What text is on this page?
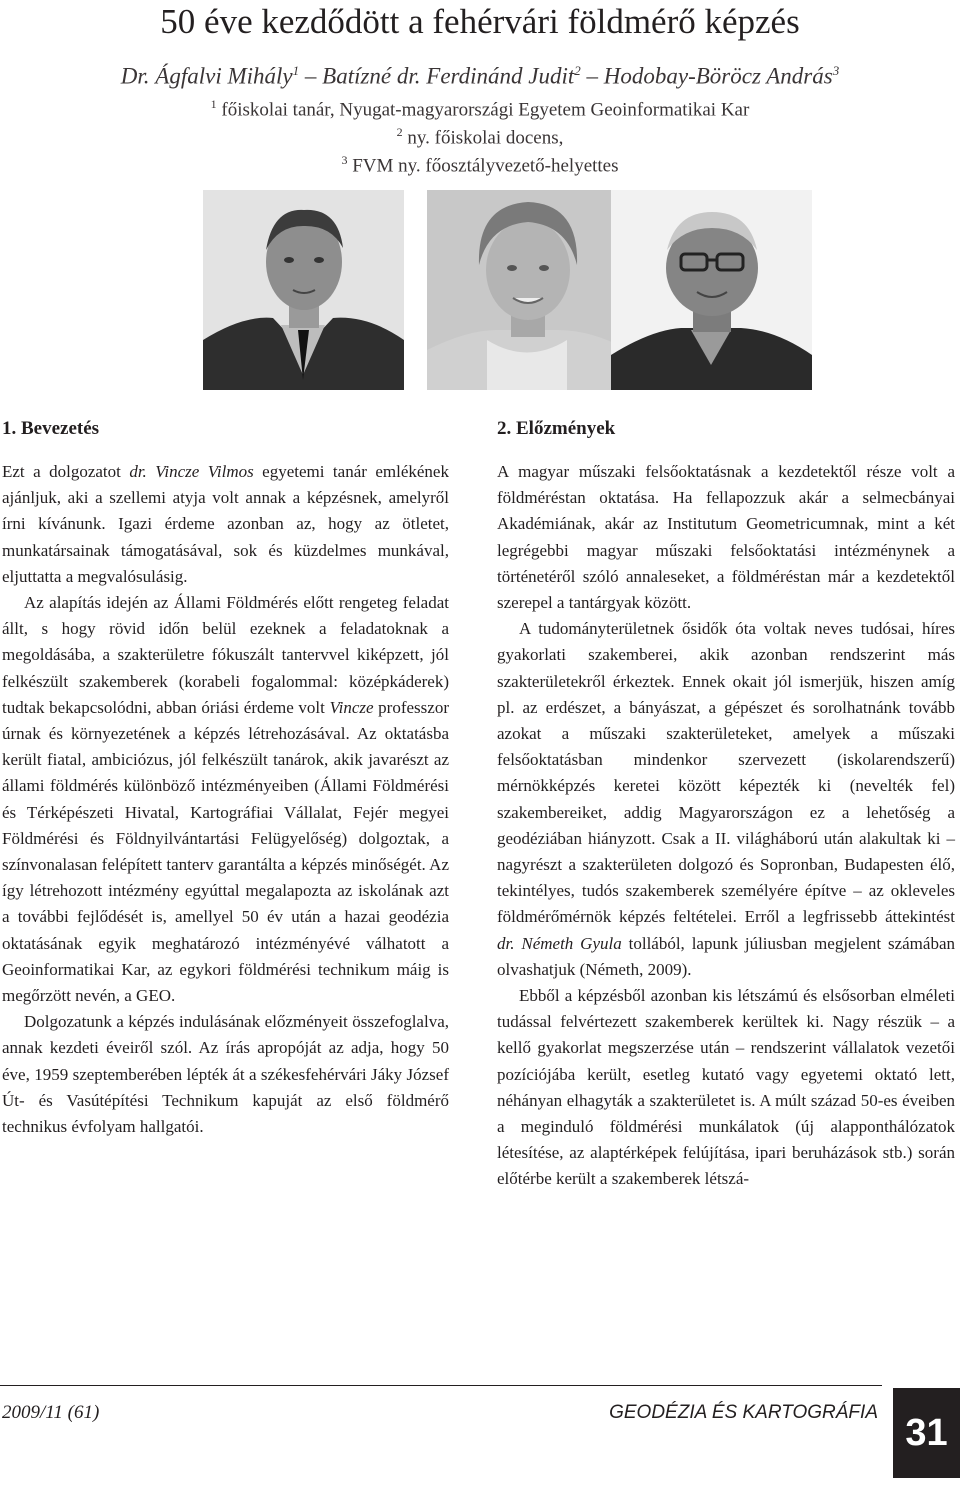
50 éve kezdődött a fehérvári földmérő képzés
Dr. Ágfalvi Mihály$^1$ – Batízné dr. Ferdinánd Judit$^2$ – Hodobay-Böröcz András$^3$
$^1$ főiskolai tanár, Nyugat-magyarországi Egyetem Geoinformatikai Kar
$^2$ ny. főiskolai docens,
$^3$ FVM ny. főosztályvezető-helyettes
1. Bevezetés	2. Előzmények

Ezt a dolgozatot dr. Vincze Vilmos egyetemi tanár emlékének ajánljuk, aki a szellemi atyja volt annak a képzésnek, amelyről írni kívánunk. Igazi érdeme azonban az, hogy az ötletet, munkatársainak támogatásával, sok és küzdelmes munkával, eljuttatta a megvalósulásig.

Az alapítás idején az Állami Földmérés előtt rengeteg feladat állt, s hogy rövid időn belül ezeknek a feladatoknak a megoldásába, a szakterületre fókuszált tantervvel kiképzett, jól felkészült szakemberek (korabeli fogalommal: középkáderek) tudtak bekapcsolódni, abban óriási érdeme volt Vincze professzor úrnak és környezetének a képzés létrehozásával. Az oktatásba került fiatal, ambiciózus, jól felkészült tanárok, akik javarészt az állami földmérés különböző intézményeiben (Állami Földmérési és Térképészeti Hivatal, Kartográfiai Vállalat, Fejér megyei Földmérési és Földnyilvántartási Felügyelőség) dolgoztak, a színvonalasan felépített tanterv garantálta a képzés minőségét. Az így létrehozott intézmény egyúttal megalapozta az iskolának azt a további fejlődését is, amellyel 50 év után a hazai geodézia oktatásának egyik meghatározó intézményévé válhatott a Geoinformatikai Kar, az egykori földmérési technikum máig is megőrzött nevén, a GEO.

Dolgozatunk a képzés indulásának előzményeit összefoglalva, annak kezdeti éveiről szól. Az írás apropóját az adja, hogy 50 éve, 1959 szeptemberében lépték át a székesfehérvári Jáky József Út- és Vasútépítési Technikum kapuját az első földmérő technikus évfolyam hallgatói.

A magyar műszaki felsőoktatásnak a kezdetektől része volt a földméréstan oktatása. Ha fellapozzuk akár a selmecbányai Akadémiának, akár az Institutum Geometricumnak, mint a két legrégebbi magyar műszaki felsőoktatási intézménynek a történetéről szóló annaleseket, a földméréstan már a kezdetektől szerepel a tantárgyak között.

A tudományterületnek ősidők óta voltak neves tudósai, híres gyakorlati szakemberei, akik azonban rendszerint más szakterületekről érkeztek. Ennek okait jól ismerjük, hiszen amíg pl. az erdészet, a bányászat, a gépészet és sorolhatnánk tovább azokat a műszaki szakterületeket, amelyek a műszaki felsőoktatásban mindenkor szervezett (iskolarendszerű) mérnökképzés keretei között képezték ki (nevelték fel) szakembereiket, addig Magyarországon ez a lehetőség a geodéziában hiányzott. Csak a II. világháború után alakultak ki – nagyrészt a szakterületen dolgozó és Sopronban, Budapesten élő, tekintélyes, tudós szakemberek személyére építve – az okleveles földmérőmérnök képzés feltételei. Erről a legfrissebb áttekintést dr. Németh Gyula tollából, lapunk júliusban megjelent számában olvashatjuk (Németh, 2009).

Ebből a képzésből azonban kis létszámú és elsősorban elméleti tudással felvértezett szakemberek kerültek ki. Nagy részük – a kellő gyakorlat megszerzése után – rendszerint vállalatok vezetői pozíciójába került, esetleg kutató vagy egyetemi oktató lett, néhányan elhagyták a szakterületet is. A múlt század 50-es éveiben a meginduló földmérési munkálatok (új alapponthálózatok létesítése, az alaptérképek felújítása, ipari beruházások stb.) során előtérbe került a szakemberek létszá-

2009/11 (61)	GEODÉZIA ÉS KARTOGRÁFIA 31
